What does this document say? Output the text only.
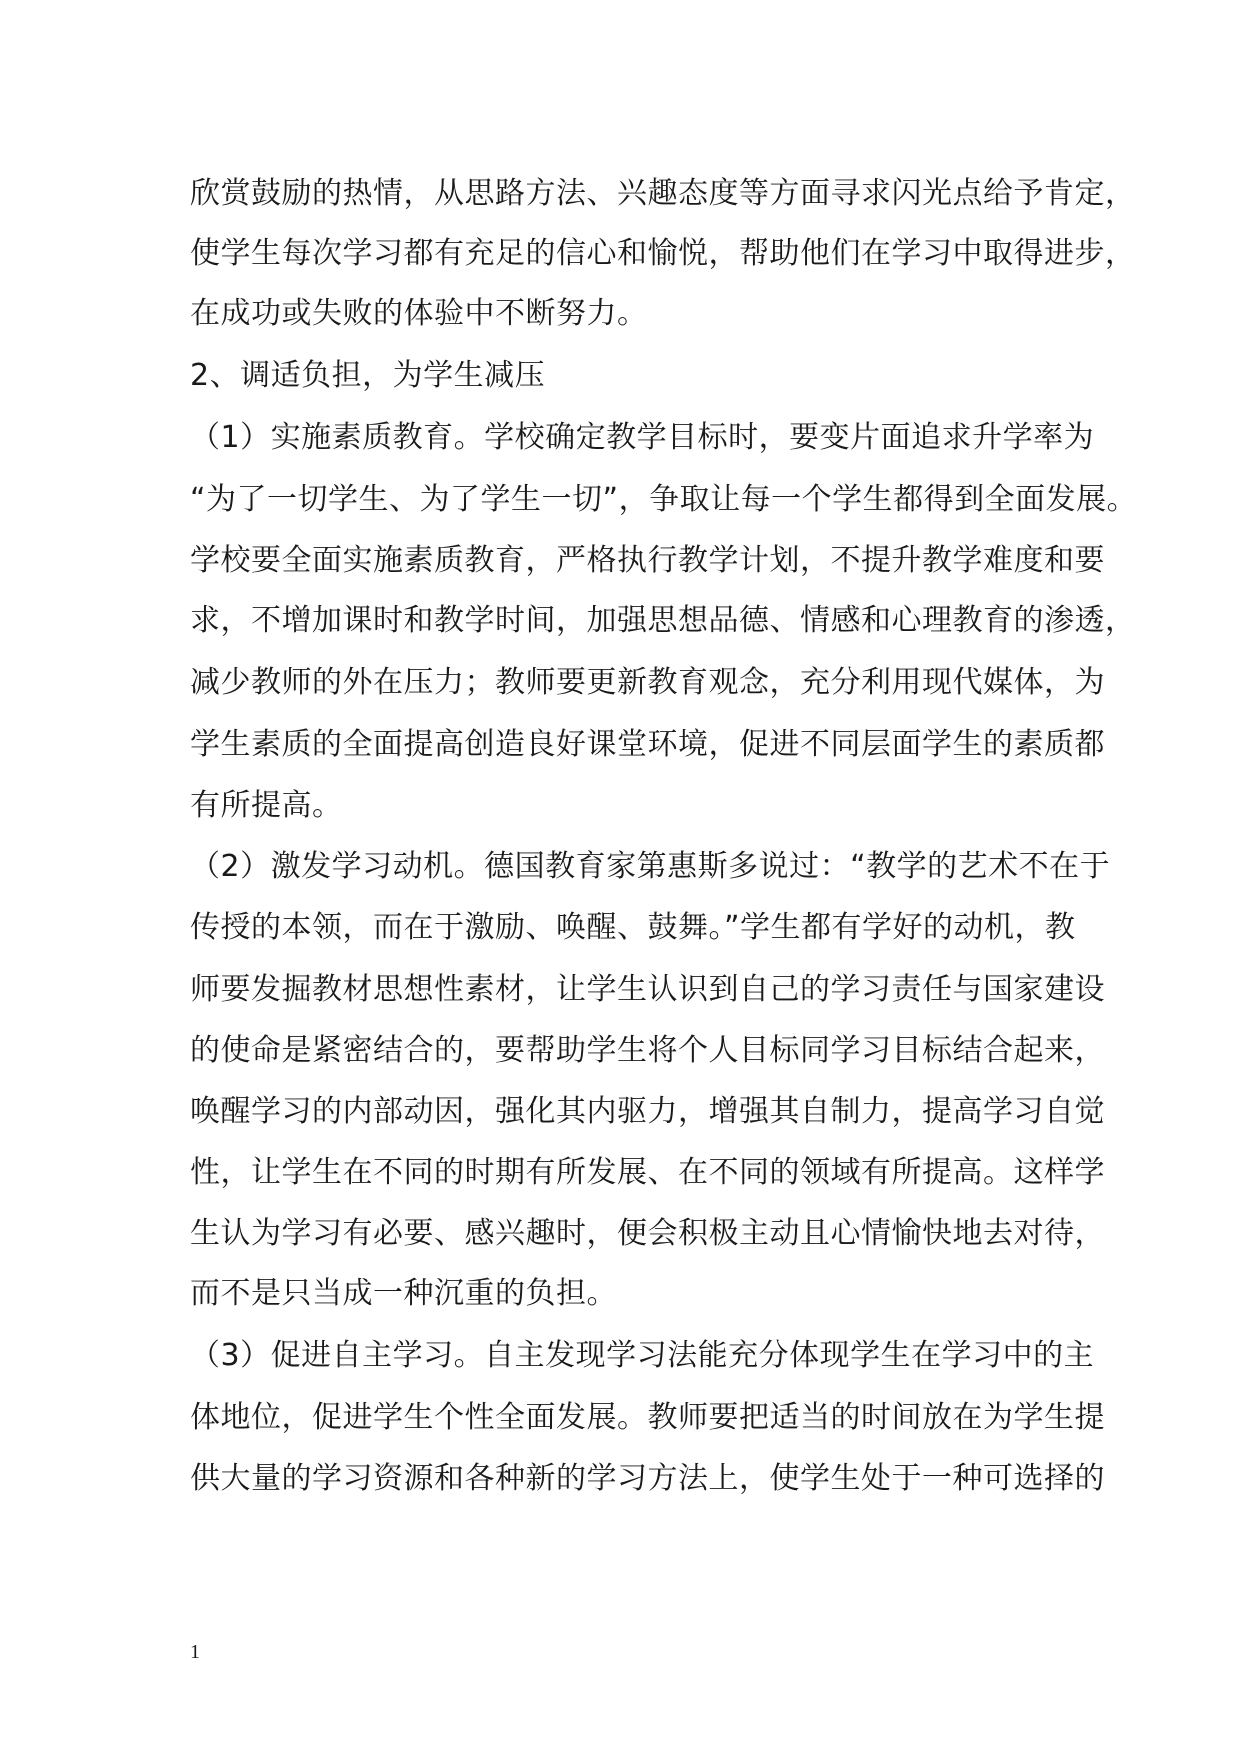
欣赏鼓励的热情，从思路方法、兴趣态度等方面寻求闪光点给予肯定，
使学生每次学习都有充足的信心和愉悦，帮助他们在学习中取得进步，
在成功或失败的体验中不断努力。
2、调适负担，为学生减压
（1）实施素质教育。学校确定教学目标时，要变片面追求升学率为
“为了一切学生、为了学生一切”，争取让每一个学生都得到全面发展。
学校要全面实施素质教育，严格执行教学计划，不提升教学难度和要
求，不增加课时和教学时间，加强思想品德、情感和心理教育的渗透，
减少教师的外在压力；教师要更新教育观念，充分利用现代媒体，为
学生素质的全面提高创造良好课堂环境，促进不同层面学生的素质都
有所提高。
（2）激发学习动机。德国教育家第惠斯多说过：“教学的艺术不在于
传授的本领，而在于激励、唤醒、鼓舞。”学生都有学好的动机，教
师要发掘教材思想性素材，让学生认识到自己的学习责任与国家建设
的使命是紧密结合的，要帮助学生将个人目标同学习目标结合起来，
唤醒学习的内部动因，强化其内驱力，增强其自制力，提高学习自觉
性，让学生在不同的时期有所发展、在不同的领域有所提高。这样学
生认为学习有必要、感兴趣时，便会积极主动且心情愉快地去对待，
而不是只当成一种沉重的负担。
（3）促进自主学习。自主发现学习法能充分体现学生在学习中的主
体地位，促进学生个性全面发展。教师要把适当的时间放在为学生提
供大量的学习资源和各种新的学习方法上，使学生处于一种可选择的
1
